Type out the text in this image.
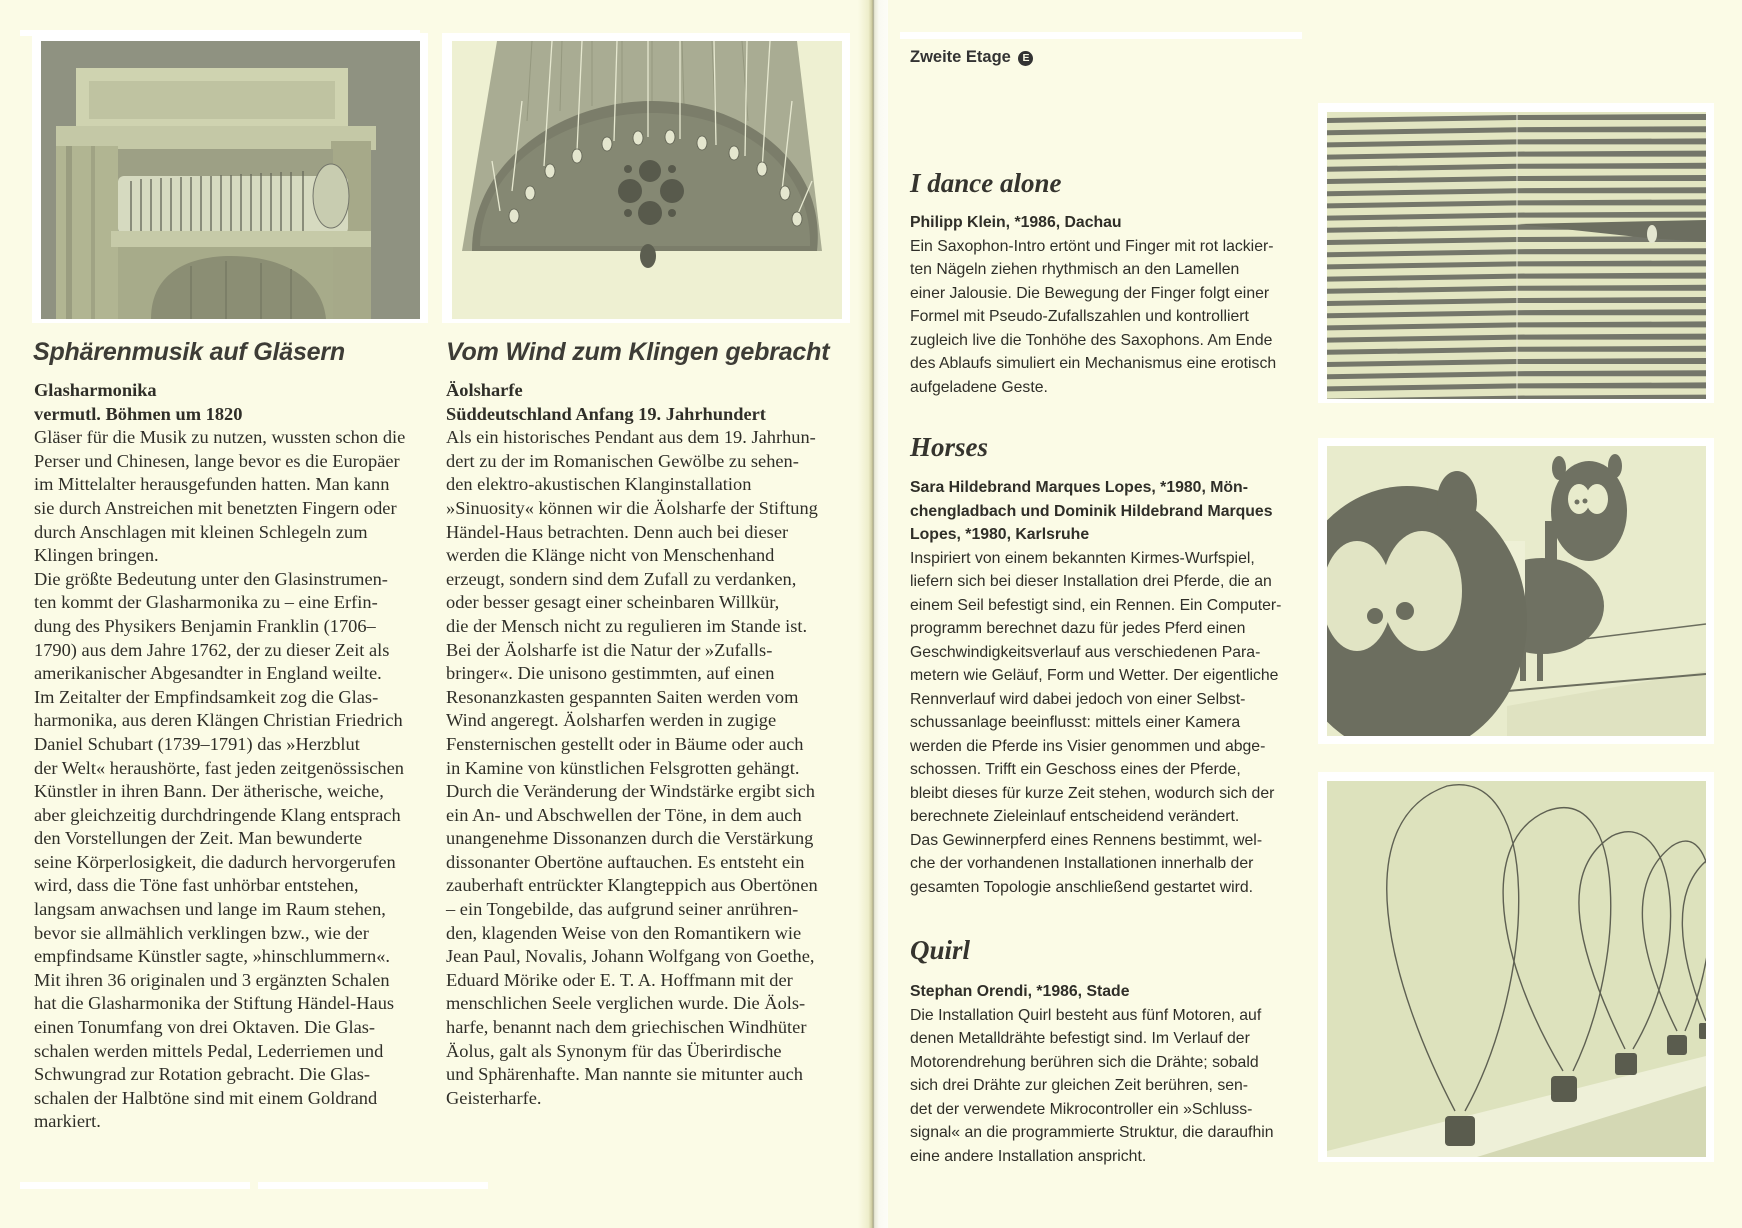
Sphärenmusik auf Gläsern
Glasharmonika
vermutl. Böhmen um 1820
Gläser für die Musik zu nutzen, wussten schon die
Perser und Chinesen, lange bevor es die Europäer
im Mittelalter herausgefunden hatten. Man kann
sie durch Anstreichen mit benetzten Fingern oder
durch Anschlagen mit kleinen Schlegeln zum
Klingen bringen.
Die größte Bedeutung unter den Glasinstrumen-
ten kommt der Glasharmonika zu – eine Erfin-
dung des Physikers Benjamin Franklin (1706–
1790) aus dem Jahre 1762, der zu dieser Zeit als
amerikanischer Abgesandter in England weilte.
Im Zeitalter der Empfindsamkeit zog die Glas-
harmonika, aus deren Klängen Christian Friedrich
Daniel Schubart (1739–1791) das »Herzblut
der Welt« heraushörte, fast jeden zeitgenössischen
Künstler in ihren Bann. Der ätherische, weiche,
aber gleichzeitig durchdringende Klang entsprach
den Vorstellungen der Zeit. Man bewunderte
seine Körperlosigkeit, die dadurch hervorgerufen
wird, dass die Töne fast unhörbar entstehen,
langsam anwachsen und lange im Raum stehen,
bevor sie allmählich verklingen bzw., wie der
empfindsame Künstler sagte, »hinschlummern«.
Mit ihren 36 originalen und 3 ergänzten Schalen
hat die Glasharmonika der Stiftung Händel-Haus
einen Tonumfang von drei Oktaven. Die Glas-
schalen werden mittels Pedal, Lederriemen und
Schwungrad zur Rotation gebracht. Die Glas-
schalen der Halbtöne sind mit einem Goldrand
markiert.
Vom Wind zum Klingen gebracht
Äolsharfe
Süddeutschland Anfang 19. Jahrhundert
Als ein historisches Pendant aus dem 19. Jahrhun-
dert zu der im Romanischen Gewölbe zu sehen-
den elektro-akustischen Klanginstallation
»Sinuosity« können wir die Äolsharfe der Stiftung
Händel-Haus betrachten. Denn auch bei dieser
werden die Klänge nicht von Menschenhand
erzeugt, sondern sind dem Zufall zu verdanken,
oder besser gesagt einer scheinbaren Willkür,
die der Mensch nicht zu regulieren im Stande ist.
Bei der Äolsharfe ist die Natur der »Zufalls-
bringer«. Die unisono gestimmten, auf einen
Resonanzkasten gespannten Saiten werden vom
Wind angeregt. Äolsharfen werden in zugige
Fensternischen gestellt oder in Bäume oder auch
in Kamine von künstlichen Felsgrotten gehängt.
Durch die Veränderung der Windstärke ergibt sich
ein An- und Abschwellen der Töne, in dem auch
unangenehme Dissonanzen durch die Verstärkung
dissonanter Obertöne auftauchen. Es entsteht ein
zauberhaft entrückter Klangteppich aus Obertönen
– ein Tongebilde, das aufgrund seiner anrühren-
den, klagenden Weise von den Romantikern wie
Jean Paul, Novalis, Johann Wolfgang von Goethe,
Eduard Mörike oder E. T. A. Hoffmann mit der
menschlichen Seele verglichen wurde. Die Äols-
harfe, benannt nach dem griechischen Windhüter
Äolus, galt als Synonym für das Überirdische
und Sphärenhafte. Man nannte sie mitunter auch
Geisterharfe.
Zweite Etage E
I dance alone
Philipp Klein, *1986, Dachau
Ein Saxophon-Intro ertönt und Finger mit rot lackier-
ten Nägeln ziehen rhythmisch an den Lamellen
einer Jalousie. Die Bewegung der Finger folgt einer
Formel mit Pseudo-Zufallszahlen und kontrolliert
zugleich live die Tonhöhe des Saxophons. Am Ende
des Ablaufs simuliert ein Mechanismus eine erotisch
aufgeladene Geste.
Horses
Sara Hildebrand Marques Lopes, *1980, Mön-
chengladbach und Dominik Hildebrand Marques
Lopes, *1980, Karlsruhe
Inspiriert von einem bekannten Kirmes-Wurfspiel,
liefern sich bei dieser Installation drei Pferde, die an
einem Seil befestigt sind, ein Rennen. Ein Computer-
programm berechnet dazu für jedes Pferd einen
Geschwindigkeitsverlauf aus verschiedenen Para-
metern wie Geläuf, Form und Wetter. Der eigentliche
Rennverlauf wird dabei jedoch von einer Selbst-
schussanlage beeinflusst: mittels einer Kamera
werden die Pferde ins Visier genommen und abge-
schossen. Trifft ein Geschoss eines der Pferde,
bleibt dieses für kurze Zeit stehen, wodurch sich der
berechnete Zieleinlauf entscheidend verändert.
Das Gewinnerpferd eines Rennens bestimmt, wel-
che der vorhandenen Installationen innerhalb der
gesamten Topologie anschließend gestartet wird.
Quirl
Stephan Orendi, *1986, Stade
Die Installation Quirl besteht aus fünf Motoren, auf
denen Metalldrähte befestigt sind. Im Verlauf der
Motorendrehung berühren sich die Drähte; sobald
sich drei Drähte zur gleichen Zeit berühren, sen-
det der verwendete Mikrocontroller ein »Schluss-
signal« an die programmierte Struktur, die daraufhin
eine andere Installation anspricht.
